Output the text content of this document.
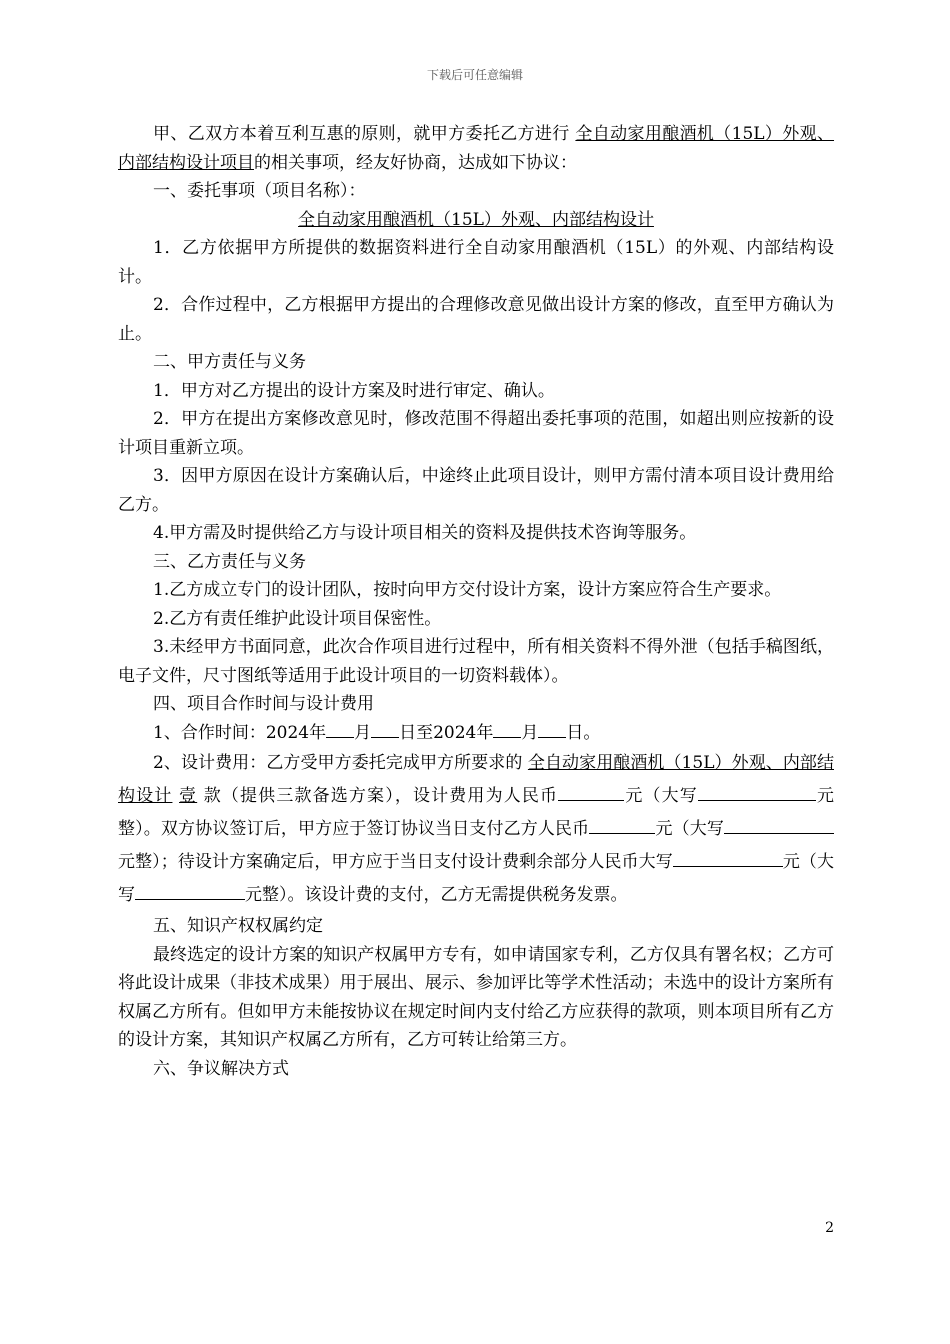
下载后可任意编辑

甲、乙双方本着互利互惠的原则，就甲方委托乙方进行 全自动家用酿酒机（15L）外观、内部结构设计项目的相关事项，经友好协商，达成如下协议：

一、委托事项（项目名称）：

全自动家用酿酒机（15L）外观、内部结构设计

1．乙方依据甲方所提供的数据资料进行全自动家用酿酒机（15L）的外观、内部结构设计。

2．合作过程中，乙方根据甲方提出的合理修改意见做出设计方案的修改，直至甲方确认为止。

二、甲方责任与义务

1．甲方对乙方提出的设计方案及时进行审定、确认。

2．甲方在提出方案修改意见时，修改范围不得超出委托事项的范围，如超出则应按新的设计项目重新立项。

3．因甲方原因在设计方案确认后，中途终止此项目设计，则甲方需付清本项目设计费用给乙方。

4.甲方需及时提供给乙方与设计项目相关的资料及提供技术咨询等服务。

三、乙方责任与义务

1.乙方成立专门的设计团队，按时向甲方交付设计方案，设计方案应符合生产要求。

2.乙方有责任维护此设计项目保密性。

3.未经甲方书面同意，此次合作项目进行过程中，所有相关资料不得外泄（包括手稿图纸，电子文件，尺寸图纸等适用于此设计项目的一切资料载体）。

四、项目合作时间与设计费用

1、合作时间：2024年 月 日至2024年 月 日。

2、设计费用：乙方受甲方委托完成甲方所要求的 全自动家用酿酒机（15L）外观、内部结构设计 壹 款（提供三款备选方案），设计费用为人民币	元（大写	元整）。双方协议签订后，甲方应于签订协议当日支付乙方人民币	元（大写元整）；待设计方案确定后，甲方应于当日支付设计费剩余部分人民币大写	元（大写	元整）。该设计费的支付，乙方无需提供税务发票。

五、知识产权权属约定

最终选定的设计方案的知识产权属甲方专有，如申请国家专利，乙方仅具有署名权；乙方可将此设计成果（非技术成果）用于展出、展示、参加评比等学术性活动；未选中的设计方案所有权属乙方所有。但如甲方未能按协议在规定时间内支付给乙方应获得的款项，则本项目所有乙方的设计方案，其知识产权属乙方所有，乙方可转让给第三方。

六、争议解决方式

2
